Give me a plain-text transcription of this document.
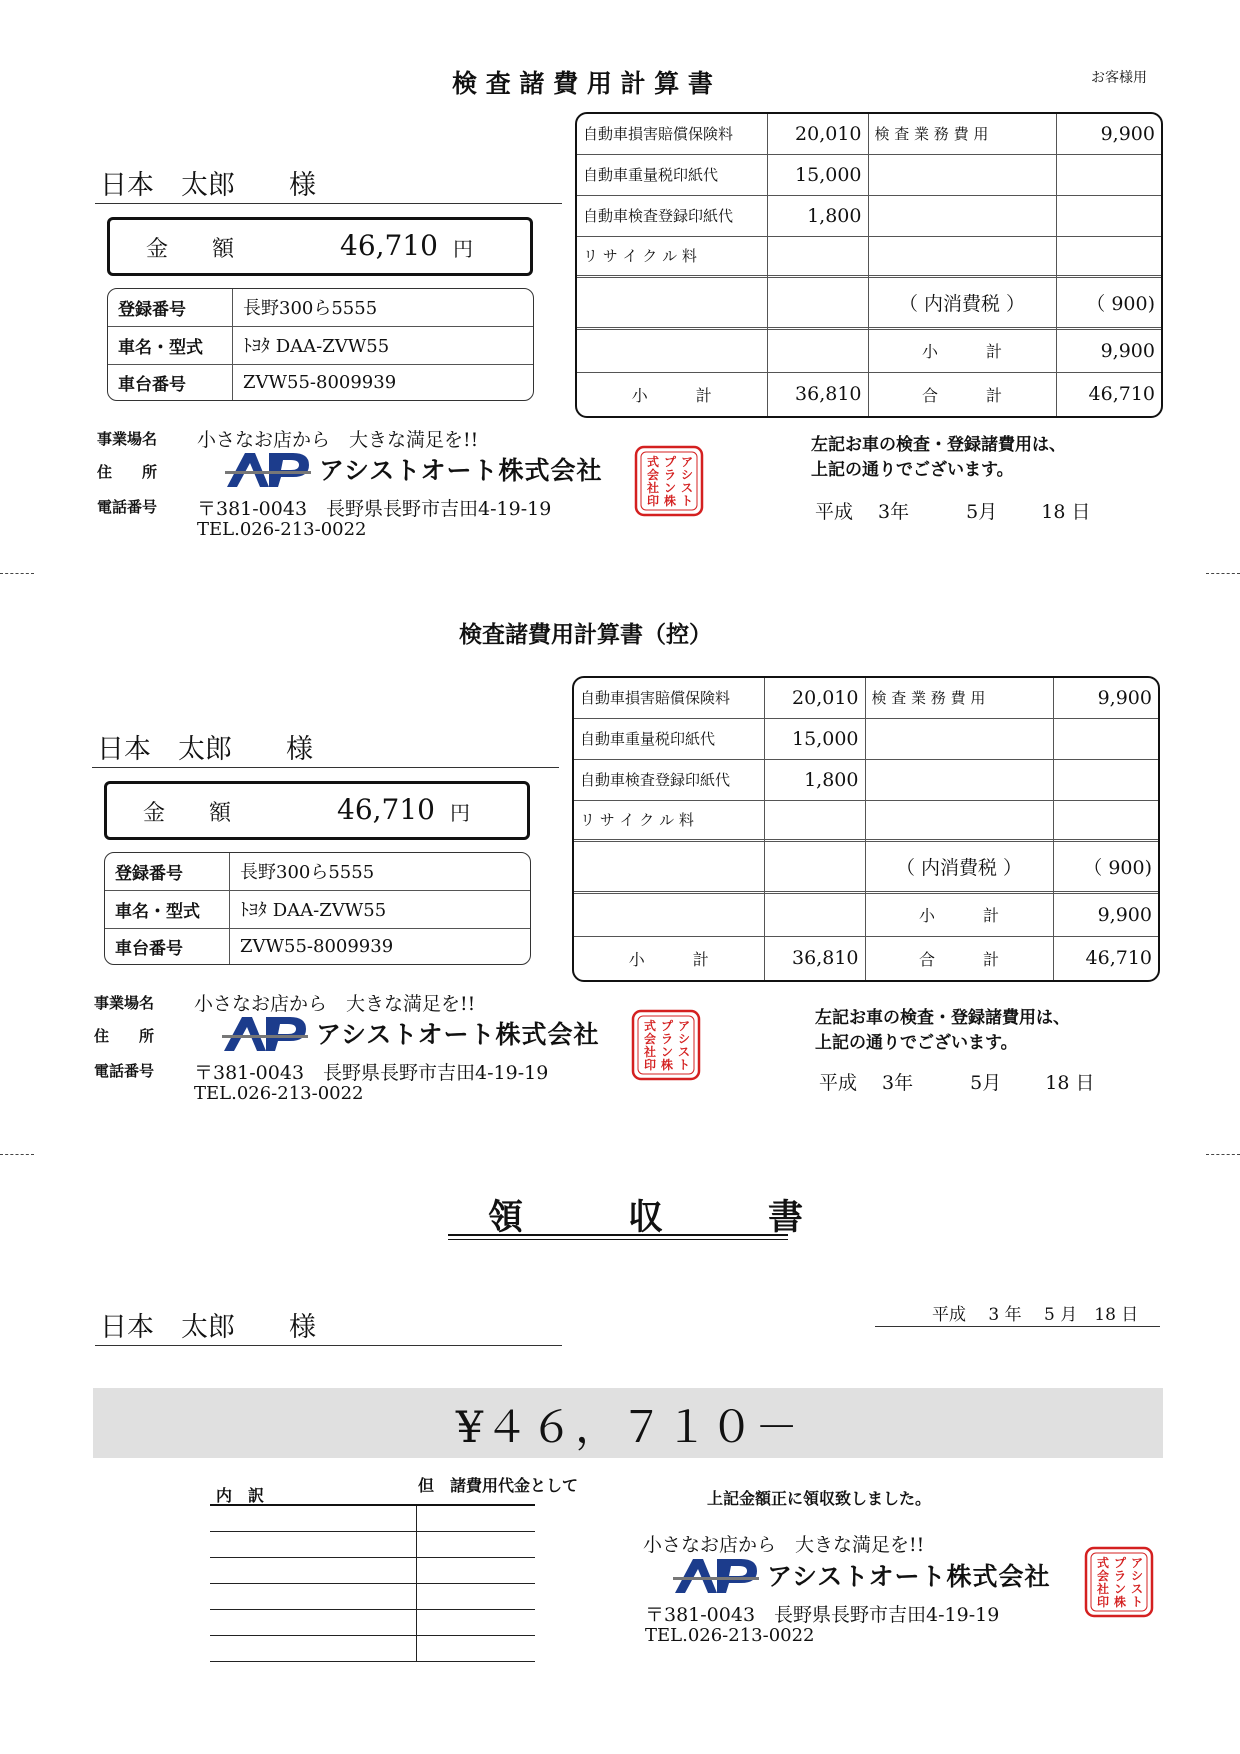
検 査 諸 費 用 計 算 書	お客様用
日本　太郎　　様
金　　額	46,710 円
登録番号	長野300ら5555
車名・型式	ﾄﾖﾀ DAA-ZVW55
車台番号	ZVW55-8009939
自動車損害賠償保険料	20,010	検 査 業 務 費 用	9,900
自動車重量税印紙代	15,000		
自動車検査登録印紙代	1,800		
リ サ イ ク ル 料			

		（ 内消費税 ）	（ 900)

		小　　　計	9,900
小　　　計	36,810	合　　　計	46,710
事業場名
住　　所
電話番号
小さなお店から　大きな満足を!!
アシストオート株式会社	ア
シ
ス
ト
プ
ラ
ン
株
式
会
社
印
〒381-0043　長野県長野市吉田4-19-19
TEL.026-213-0022
左記お車の検査・登録諸費用は、
上記の通りでございます。
平成　 3年　　　5月　　 18 日
検査諸費用計算書（控）
日本　太郎　　様
金　　額	46,710 円
登録番号	長野300ら5555
車名・型式	ﾄﾖﾀ DAA-ZVW55
車台番号	ZVW55-8009939
自動車損害賠償保険料	20,010	検 査 業 務 費 用	9,900
自動車重量税印紙代	15,000		
自動車検査登録印紙代	1,800		
リ サ イ ク ル 料			

		（ 内消費税 ）	（ 900)

		小　　　計	9,900
小　　　計	36,810	合　　　計	46,710
事業場名
住　　所
電話番号
小さなお店から　大きな満足を!!
アシストオート株式会社	ア
シ
ス
ト
プ
ラ
ン
株
式
会
社
印
〒381-0043　長野県長野市吉田4-19-19
TEL.026-213-0022
左記お車の検査・登録諸費用は、
上記の通りでございます。
平成　 3年　　　5月　　 18 日
領　　　収　　　書
日本　太郎　　様	平成　 3 年　 5 月　18 日
¥４６，７１０－
内　訳
但　諸費用代金として

上記金額正に領収致しました。
小さなお店から　大きな満足を!!
アシストオート株式会社	ア
シ
ス
ト
プ
ラ
ン
株
式
会
社
印
〒381-0043　長野県長野市吉田4-19-19
TEL.026-213-0022
